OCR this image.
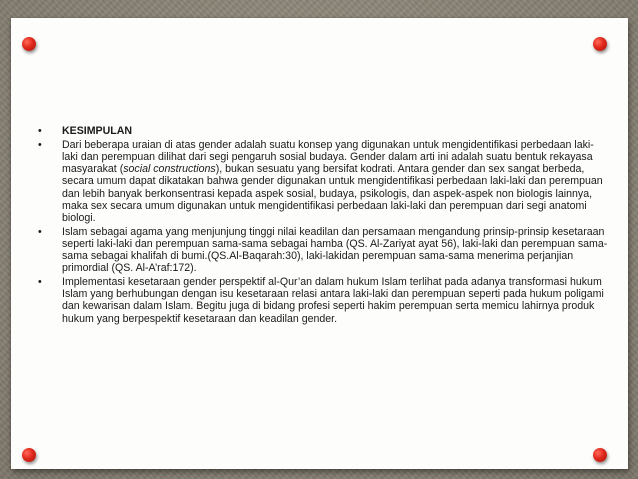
• KESIMPULAN
• Dari beberapa uraian di atas gender adalah suatu konsep yang digunakan untuk mengidentifikasi perbedaan laki-laki dan perempuan dilihat dari segi pengaruh sosial budaya. Gender dalam arti ini adalah suatu bentuk rekayasa masyarakat (social constructions), bukan sesuatu yang bersifat kodrati. Antara gender dan sex sangat berbeda, secara umum dapat dikatakan bahwa gender digunakan untuk mengidentifikasi perbedaan laki-laki dan perempuan dan lebih banyak berkonsentrasi kepada aspek sosial, budaya, psikologis, dan aspek-aspek non biologis lainnya, maka sex secara umum digunakan untuk mengidentifikasi perbedaan laki-laki dan perempuan dari segi anatomi biologi.
• Islam sebagai agama yang menjunjung tinggi nilai keadilan dan persamaan mengandung prinsip-prinsip kesetaraan seperti laki-laki dan perempuan sama-sama sebagai hamba (QS. Al-Zariyat ayat 56), laki-laki dan perempuan sama-sama sebagai khalifah di bumi.(QS.Al-Baqarah:30), laki-lakidan perempuan sama-sama menerima perjanjian primordial (QS. Al-A’raf:172).
• Implementasi kesetaraan gender perspektif al-Qur’an dalam hukum Islam terlihat pada adanya transformasi hukum Islam yang berhubungan dengan isu kesetaraan relasi antara laki-laki dan perempuan seperti pada hukum poligami dan kewarisan dalam Islam. Begitu juga di bidang profesi seperti hakim perempuan serta memicu lahirnya produk hukum yang berpespektif kesetaraan dan keadilan gender.
